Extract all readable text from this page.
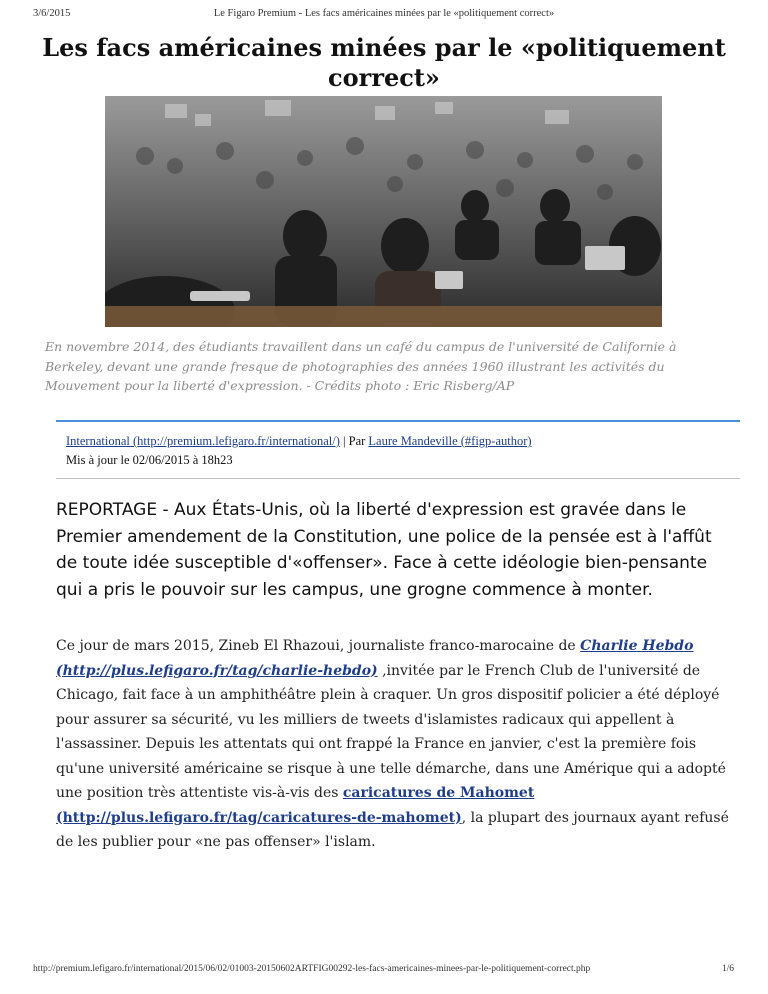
3/6/2015	Le Figaro Premium - Les facs américaines minées par le «politiquement correct»
Les facs américaines minées par le «politiquement
correct»

En novembre 2014, des étudiants travaillent dans un café du campus de l'université de Californie à Berkeley, devant une grande fresque de photographies des années 1960 illustrant les activités du Mouvement pour la liberté d'expression. - Crédits photo : Eric Risberg/AP

International (http://premium.lefigaro.fr/international/) | Par Laure Mandeville (#figp-author)
Mis à jour le 02/06/2015 à 18h23

REPORTAGE - Aux États-Unis, où la liberté d'expression est gravée dans le Premier amendement de la Constitution, une police de la pensée est à l'affût de toute idée susceptible d'«offenser». Face à cette idéologie bien-pensante qui a pris le pouvoir sur les campus, une grogne commence à monter.

Ce jour de mars 2015, Zineb El Rhazoui, journaliste franco-marocaine de Charlie Hebdo (http://plus.lefigaro.fr/tag/charlie-hebdo) ,invitée par le French Club de l'université de Chicago, fait face à un amphithéâtre plein à craquer. Un gros dispositif policier a été déployé pour assurer sa sécurité, vu les milliers de tweets d'islamistes radicaux qui appellent à l'assassiner. Depuis les attentats qui ont frappé la France en janvier, c'est la première fois qu'une université américaine se risque à une telle démarche, dans une Amérique qui a adopté une position très attentiste vis-à-vis des caricatures de Mahomet (http://plus.lefigaro.fr/tag/caricatures-de-mahomet), la plupart des journaux ayant refusé de les publier pour «ne pas offenser» l'islam.

http://premium.lefigaro.fr/international/2015/06/02/01003-20150602ARTFIG00292-les-facs-americaines-minees-par-le-politiquement-correct.php	1/6
